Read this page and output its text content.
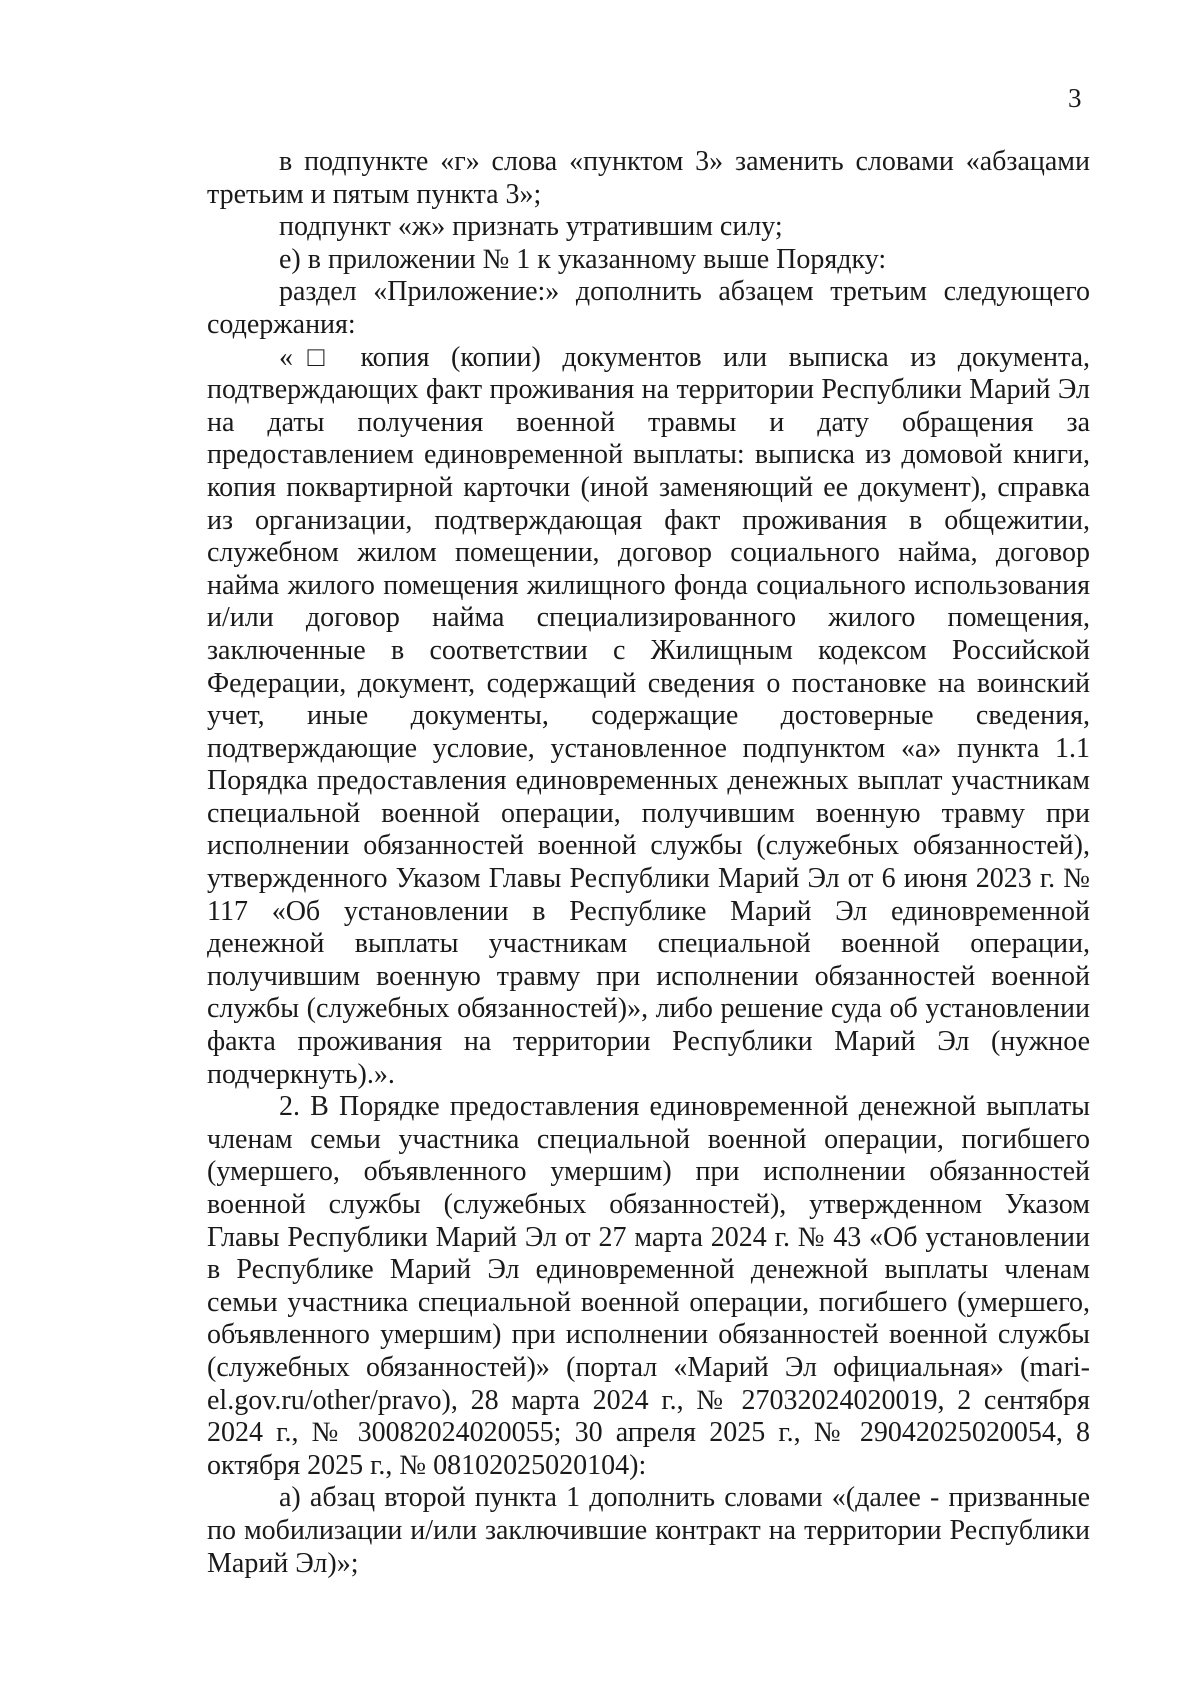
3

в подпункте «г» слова «пунктом 3» заменить словами «абзацами третьим и пятым пункта 3»;

подпункт «ж» признать утратившим силу;

е) в приложении № 1 к указанному выше Порядку:

раздел «Приложение:» дополнить абзацем третьим следующего содержания:

«□ копия (копии) документов или выписка из документа, подтверждающих факт проживания на территории Республики Марий Эл на даты получения военной травмы и дату обращения за предоставлением единовременной выплаты: выписка из домовой книги, копия поквартирной карточки (иной заменяющий ее документ), справка из организации, подтверждающая факт проживания в общежитии, служебном жилом помещении, договор социального найма, договор найма жилого помещения жилищного фонда социального использования и/или договор найма специализированного жилого помещения, заключенные в соответствии с Жилищным кодексом Российской Федерации, документ, содержащий сведения о постановке на воинский учет, иные документы, содержащие достоверные сведения, подтверждающие условие, установленное подпунктом «а» пункта 1.1 Порядка предоставления единовременных денежных выплат участникам специальной военной операции, получившим военную травму при исполнении обязанностей военной службы (служебных обязанностей), утвержденного Указом Главы Республики Марий Эл от 6 июня 2023 г. № 117 «Об установлении в Республике Марий Эл единовременной денежной выплаты участникам специальной военной операции, получившим военную травму при исполнении обязанностей военной службы (служебных обязанностей)», либо решение суда об установлении факта проживания на территории Республики Марий Эл (нужное подчеркнуть).».

2. В Порядке предоставления единовременной денежной выплаты членам семьи участника специальной военной операции, погибшего (умершего, объявленного умершим) при исполнении обязанностей военной службы (служебных обязанностей), утвержденном Указом Главы Республики Марий Эл от 27 марта 2024 г. № 43 «Об установлении в Республике Марий Эл единовременной денежной выплаты членам семьи участника специальной военной операции, погибшего (умершего, объявленного умершим) при исполнении обязанностей военной службы (служебных обязанностей)» (портал «Марий Эл официальная» (mari-el.gov.ru/other/pravo), 28 марта 2024 г., № 27032024020019, 2 сентября 2024 г., № 30082024020055; 30 апреля 2025 г., № 29042025020054, 8 октября 2025 г., № 08102025020104):

а) абзац второй пункта 1 дополнить словами «(далее - призванные по мобилизации и/или заключившие контракт на территории Республики Марий Эл)»;
